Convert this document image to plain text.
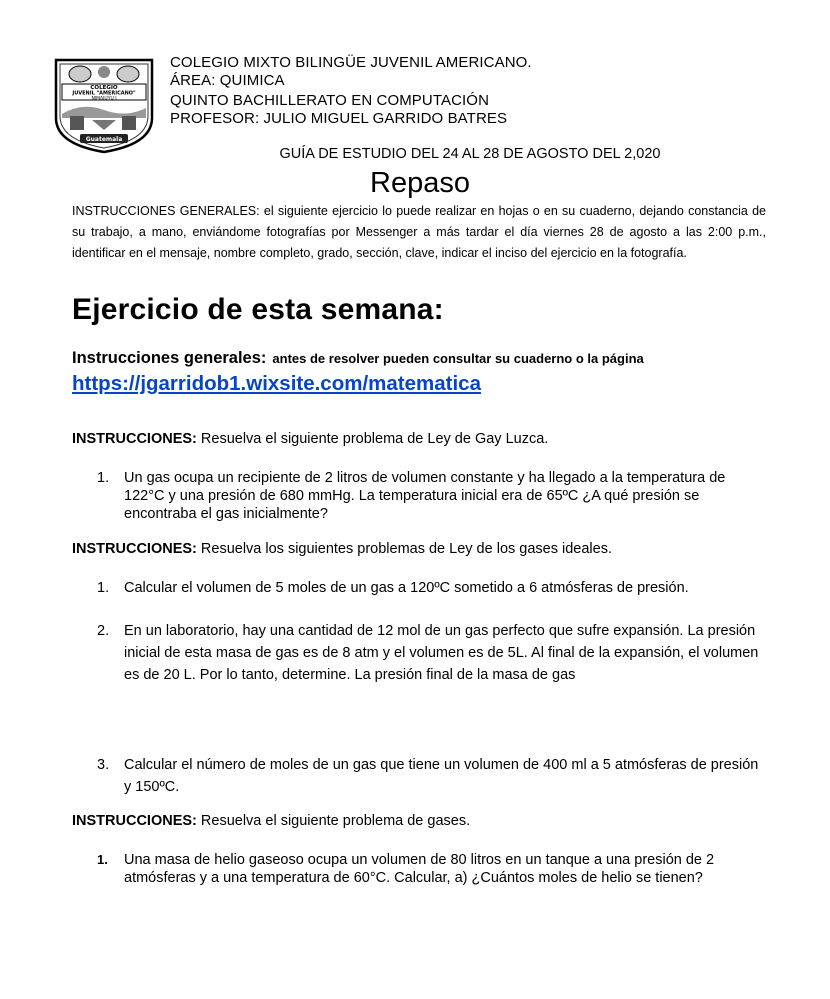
COLEGIO
JUVENIL "AMERICANO"
NIMAJUYU I
Guatemala
COLEGIO MIXTO BILINGÜE JUVENIL AMERICANO.
ÁREA: QUIMICA
QUINTO BACHILLERATO EN COMPUTACIÓN
PROFESOR: JULIO MIGUEL GARRIDO BATRES
GUÍA DE ESTUDIO DEL 24 AL 28 DE AGOSTO DEL 2,020
Repaso
INSTRUCCIONES GENERALES: el siguiente ejercicio lo puede realizar en hojas o en su cuaderno, dejando constancia de su trabajo, a mano, enviándome fotografías por Messenger a más tardar el día viernes 28 de agosto a las 2:00 p.m., identificar en el mensaje, nombre completo, grado, sección, clave, indicar el inciso del ejercicio en la fotografía.
Ejercicio de esta semana:
Instrucciones generales: antes de resolver pueden consultar su cuaderno o la página
https://jgarridob1.wixsite.com/matematica
INSTRUCCIONES: Resuelva el siguiente problema de Ley de Gay Luzca.
1. Un gas ocupa un recipiente de 2 litros de volumen constante y ha llegado a la temperatura de 122°C y una presión de 680 mmHg. La temperatura inicial era de 65ºC ¿A qué presión se encontraba el gas inicialmente?
INSTRUCCIONES: Resuelva los siguientes problemas de Ley de los gases ideales.
1. Calcular el volumen de 5 moles de un gas a 120ºC sometido a 6 atmósferas de presión.
2. En un laboratorio, hay una cantidad de 12 mol de un gas perfecto que sufre expansión. La presión inicial de esta masa de gas es de 8 atm y el volumen es de 5L. Al final de la expansión, el volumen es de 20 L. Por lo tanto, determine. La presión final de la masa de gas
3. Calcular el número de moles de un gas que tiene un volumen de 400 ml a 5 atmósferas de presión y 150ºC.
INSTRUCCIONES: Resuelva el siguiente problema de gases.
1. Una masa de helio gaseoso ocupa un volumen de 80 litros en un tanque a una presión de 2 atmósferas y a una temperatura de 60°C. Calcular, a) ¿Cuántos moles de helio se tienen?
